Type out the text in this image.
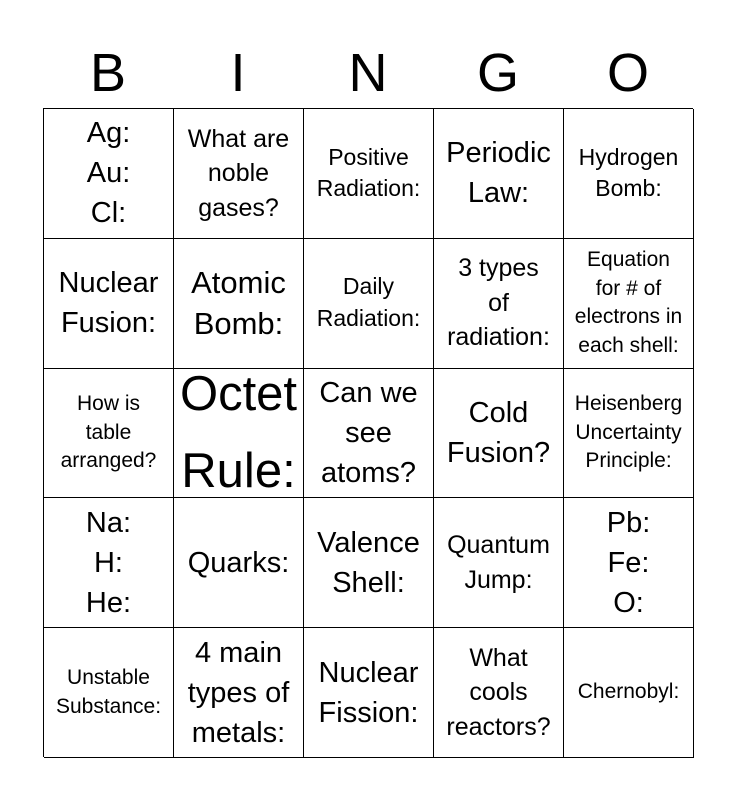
B	I	N	G	O
Ag:
Au:
Cl:
What are
noble
gases?
Positive
Radiation:
Periodic
Law:
Hydrogen
Bomb:
Nuclear
Fusion:
Atomic
Bomb:
Daily
Radiation:
3 types
of
radiation:
Equation
for # of
electrons in
each shell:
How is
table
arranged?
Octet
Rule:
Can we
see
atoms?
Cold
Fusion?
Heisenberg
Uncertainty
Principle:
Na:
H:
He:
Quarks:
Valence
Shell:
Quantum
Jump:
Pb:
Fe:
O:
Unstable
Substance:
4 main
types of
metals:
Nuclear
Fission:
What
cools
reactors?
Chernobyl:
